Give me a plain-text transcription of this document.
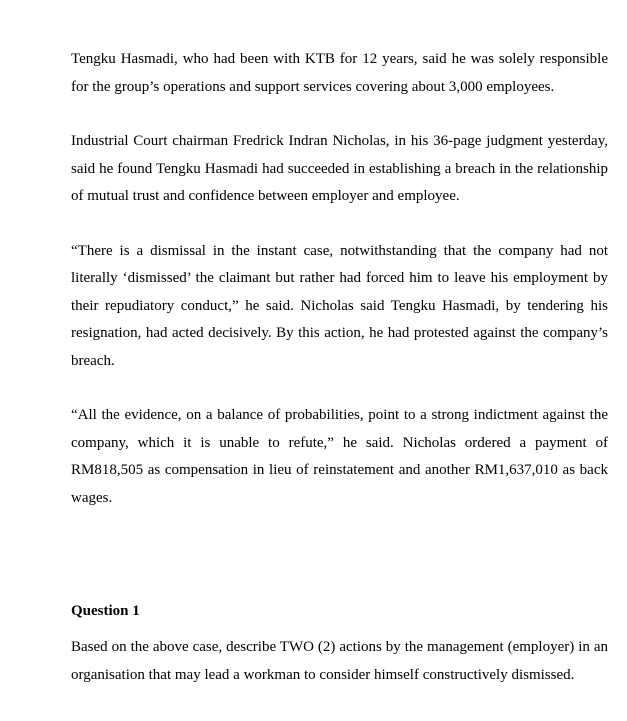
Tengku Hasmadi, who had been with KTB for 12 years, said he was solely responsible for the group’s operations and support services covering about 3,000 employees.

Industrial Court chairman Fredrick Indran Nicholas, in his 36-page judgment yesterday, said he found Tengku Hasmadi had succeeded in establishing a breach in the relationship of mutual trust and confidence between employer and employee.

“There is a dismissal in the instant case, notwithstanding that the company had not literally ‘dismissed’ the claimant but rather had forced him to leave his employment by their repudiatory conduct,” he said. Nicholas said Tengku Hasmadi, by tendering his resignation, had acted decisively. By this action, he had protested against the company’s breach.

“All the evidence, on a balance of probabilities, point to a strong indictment against the company, which it is unable to refute,” he said. Nicholas ordered a payment of RM818,505 as compensation in lieu of reinstatement and another RM1,637,010 as back wages.

Question 1

Based on the above case, describe TWO (2) actions by the management (employer) in an organisation that may lead a workman to consider himself constructively dismissed.
